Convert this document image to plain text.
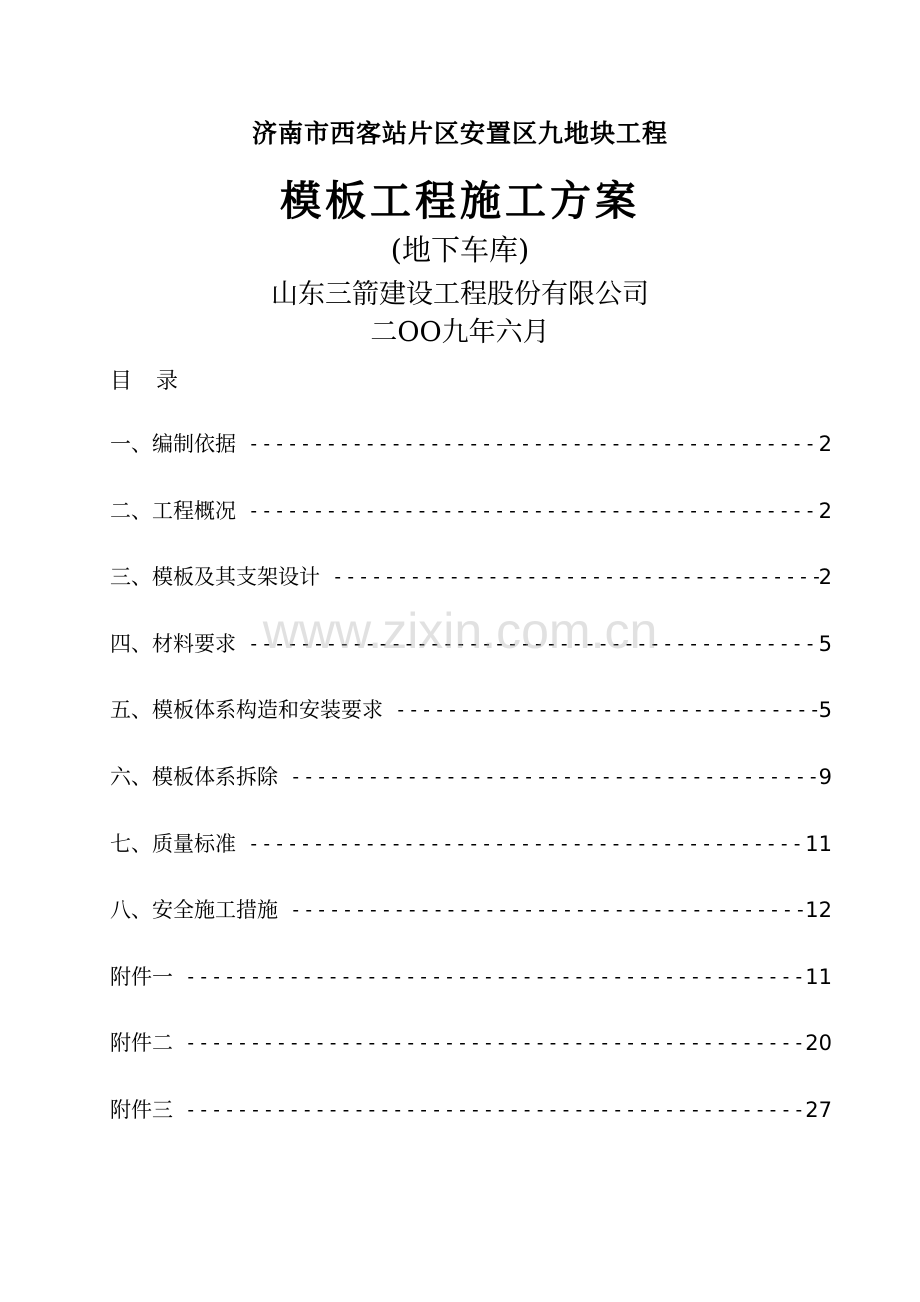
济南市西客站片区安置区九地块工程
模板工程施工方案
(地下车库)
山东三箭建设工程股份有限公司
二OO九年六月
目 录
一、编制依据 -----	2
二、工程概况 -----	2
三、模板及其支架设计 -----	2
四、材料要求 -----	5
五、模板体系构造和安装要求 -----	5
六、模板体系拆除 -----	9
七、质量标准 -----	11
八、安全施工措施 -----	12
附件一 -----	11
附件二 -----	20
附件三 -----	27
www.zixin.com.cn
